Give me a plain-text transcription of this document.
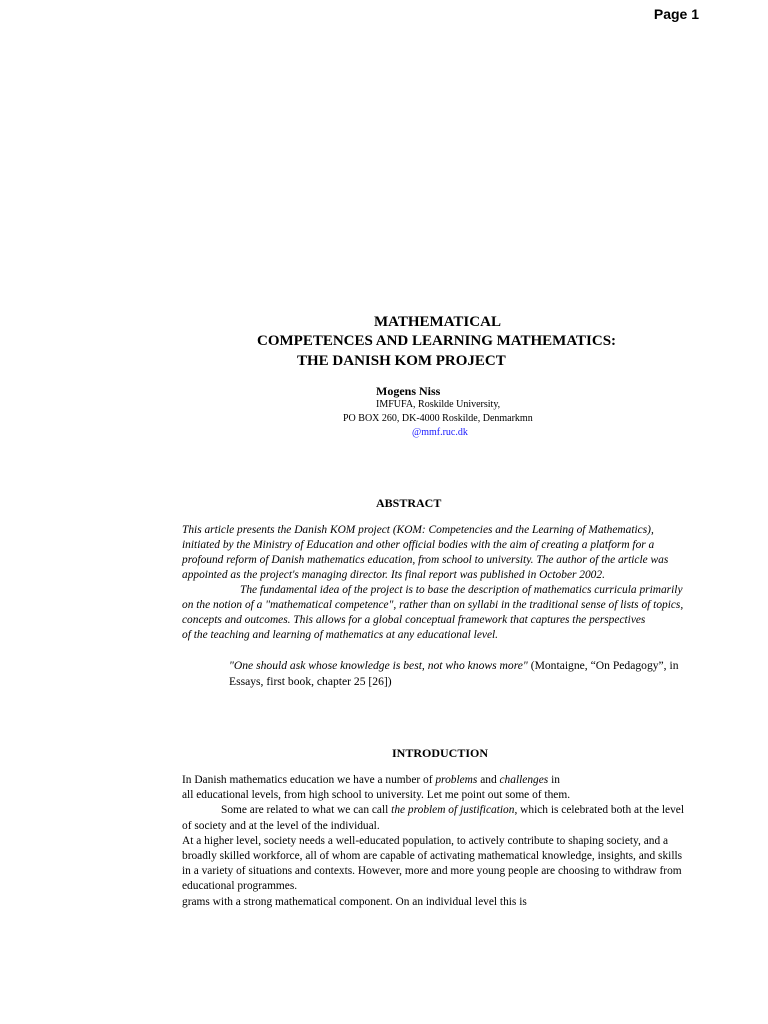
Page 1
MATHEMATICAL
COMPETENCES AND LEARNING MATHEMATICS:
THE DANISH KOM PROJECT
Mogens Niss
IMFUFA, Roskilde University,
PO BOX 260, DK-4000 Roskilde, Denmarkmn
@mmf.ruc.dk
ABSTRACT

This article presents the Danish KOM project (KOM: Competencies and the Learning of Mathematics),

initiated by the Ministry of Education and other official bodies with the aim of creating a platform for a

profound reform of Danish mathematics education, from school to university. The author of the article was

appointed as the project's managing director. Its final report was published in October 2002.

The fundamental idea of the project is to base the description of mathematics curricula primarily

on the notion of a "mathematical competence", rather than on syllabi in the traditional sense of lists of topics,

concepts and outcomes. This allows for a global conceptual framework that captures the perspectives

of the teaching and learning of mathematics at any educational level.

"One should ask whose knowledge is best, not who knows more" (Montaigne, “On Pedagogy”, in

Essays, first book, chapter 25 [26])

INTRODUCTION

In Danish mathematics education we have a number of problems and challenges in

all educational levels, from high school to university. Let me point out some of them.

Some are related to what we can call the problem of justification, which is celebrated both at the level

of society and at the level of the individual.

At a higher level, society needs a well-educated population, to actively contribute to shaping society, and a

broadly skilled workforce, all of whom are capable of activating mathematical knowledge, insights, and skills

in a variety of situations and contexts. However, more and more young people are choosing to withdraw from

educational programmes.

grams with a strong mathematical component. On an individual level this is
